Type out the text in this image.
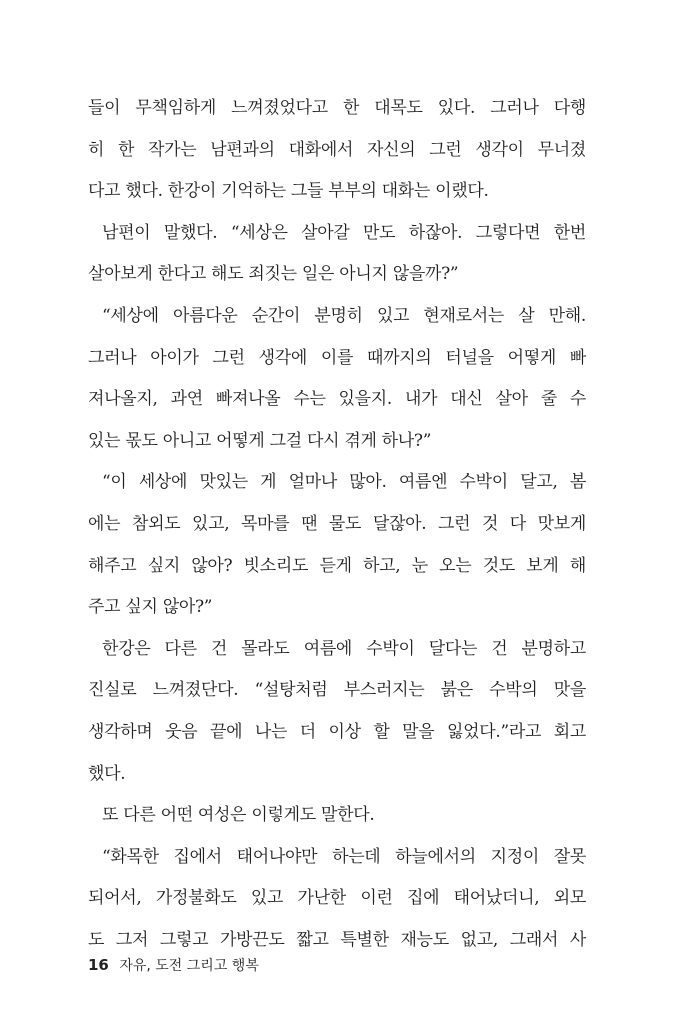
들이 무책임하게 느껴졌었다고 한 대목도 있다. 그러나 다행
히 한 작가는 남편과의 대화에서 자신의 그런 생각이 무너졌
다고 했다. 한강이 기억하는 그들 부부의 대화는 이랬다.
남편이 말했다. “세상은 살아갈 만도 하잖아. 그렇다면 한번
살아보게 한다고 해도 죄짓는 일은 아니지 않을까?”
“세상에 아름다운 순간이 분명히 있고 현재로서는 살 만해.
그러나 아이가 그런 생각에 이를 때까지의 터널을 어떻게 빠
져나올지, 과연 빠져나올 수는 있을지. 내가 대신 살아 줄 수
있는 몫도 아니고 어떻게 그걸 다시 겪게 하나?”
“이 세상에 맛있는 게 얼마나 많아. 여름엔 수박이 달고, 봄
에는 참외도 있고, 목마를 땐 물도 달잖아. 그런 것 다 맛보게
해주고 싶지 않아? 빗소리도 듣게 하고, 눈 오는 것도 보게 해
주고 싶지 않아?”
한강은 다른 건 몰라도 여름에 수박이 달다는 건 분명하고
진실로 느껴졌단다. “설탕처럼 부스러지는 붉은 수박의 맛을
생각하며 웃음 끝에 나는 더 이상 할 말을 잃었다.”라고 회고
했다.
또 다른 어떤 여성은 이렇게도 말한다.
“화목한 집에서 태어나야만 하는데 하늘에서의 지정이 잘못
되어서, 가정불화도 있고 가난한 이런 집에 태어났더니, 외모
도 그저 그렇고 가방끈도 짧고 특별한 재능도 없고, 그래서 사
16 자유, 도전 그리고 행복
